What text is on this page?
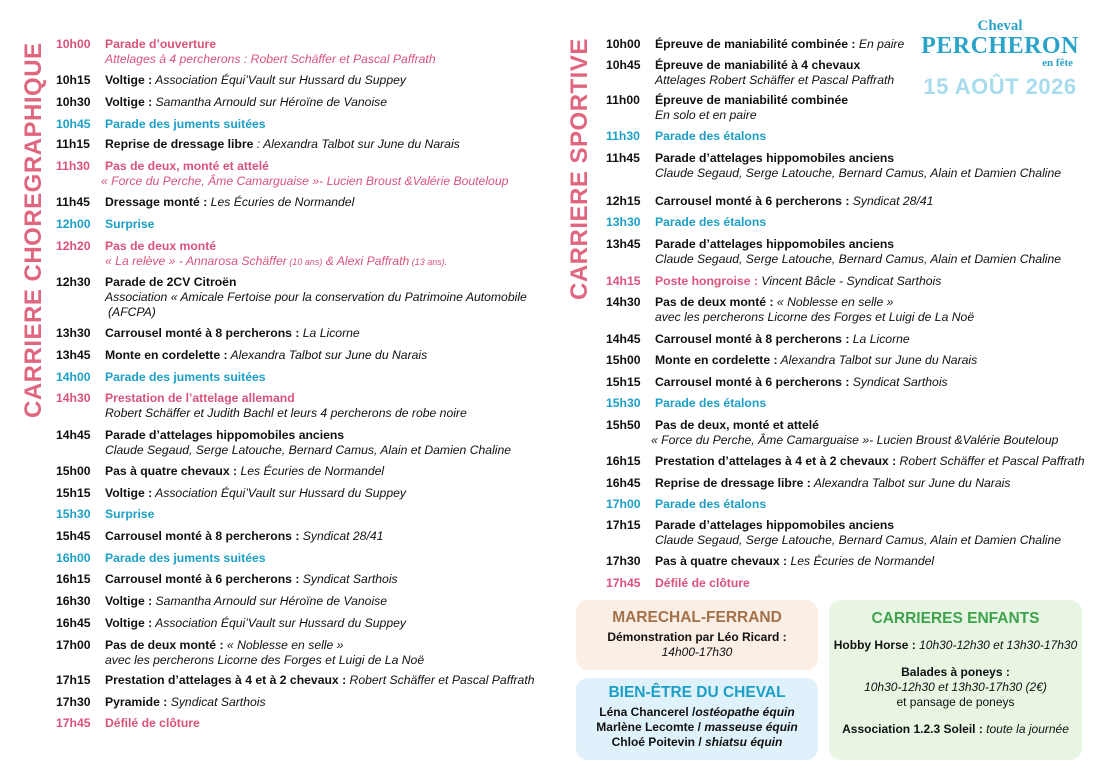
CARRIERE CHOREGRAPHIQUE	CARRIERE SPORTIVE
10h00 Parade d’ouverture
Attelages à 4 percherons : Robert Schäffer et Pascal Paffrath
10h15 Voltige : Association Équi’Vault sur Hussard du Suppey
10h30 Voltige : Samantha Arnould sur Héroïne de Vanoise
10h45 Parade des juments suitées
11h15 Reprise de dressage libre : Alexandra Talbot sur June du Narais
11h30 Pas de deux, monté et attelé
« Force du Perche, Âme Camarguaise »- Lucien Broust &Valérie Bouteloup
11h45 Dressage monté : Les Écuries de Normandel
12h00 Surprise
12h20 Pas de deux monté
« La relève » - Annarosa Schäffer (10 ans) & Alexi Paffrath (13 ans).
12h30 Parade de 2CV Citroën
Association « Amicale Fertoise pour la conservation du Patrimoine Automobile
(AFCPA)
13h30 Carrousel monté à 8 percherons : La Licorne
13h45 Monte en cordelette : Alexandra Talbot sur June du Narais
14h00 Parade des juments suitées
14h30 Prestation de l’attelage allemand
Robert Schäffer et Judith Bachl et leurs 4 percherons de robe noire
14h45 Parade d’attelages hippomobiles anciens
Claude Segaud, Serge Latouche, Bernard Camus, Alain et Damien Chaline
15h00 Pas à quatre chevaux : Les Écuries de Normandel
15h15 Voltige : Association Équi’Vault sur Hussard du Suppey
15h30 Surprise
15h45 Carrousel monté à 8 percherons : Syndicat 28/41
16h00 Parade des juments suitées
16h15 Carrousel monté à 6 percherons : Syndicat Sarthois
16h30 Voltige : Samantha Arnould sur Héroïne de Vanoise
16h45 Voltige : Association Équi’Vault sur Hussard du Suppey
17h00 Pas de deux monté : « Noblesse en selle »
avec les percherons Licorne des Forges et Luigi de La Noë
17h15 Prestation d’attelages à 4 et à 2 chevaux : Robert Schäffer et Pascal Paffrath
17h30 Pyramide : Syndicat Sarthois
17h45 Défilé de clôture
10h00 Épreuve de maniabilité combinée : En paire
10h45 Épreuve de maniabilité à 4 chevaux
Attelages Robert Schäffer et Pascal Paffrath
11h00 Épreuve de maniabilité combinée
En solo et en paire
11h30 Parade des étalons
11h45 Parade d’attelages hippomobiles anciens
Claude Segaud, Serge Latouche, Bernard Camus, Alain et Damien Chaline
12h15 Carrousel monté à 6 percherons : Syndicat 28/41
13h30 Parade des étalons
13h45 Parade d’attelages hippomobiles anciens
Claude Segaud, Serge Latouche, Bernard Camus, Alain et Damien Chaline
14h15 Poste hongroise : Vincent Bâcle - Syndicat Sarthois
14h30 Pas de deux monté : « Noblesse en selle »
avec les percherons Licorne des Forges et Luigi de La Noë
14h45 Carrousel monté à 8 percherons : La Licorne
15h00 Monte en cordelette : Alexandra Talbot sur June du Narais
15h15 Carrousel monté à 6 percherons : Syndicat Sarthois
15h30 Parade des étalons
15h50 Pas de deux, monté et attelé
« Force du Perche, Âme Camarguaise »- Lucien Broust &Valérie Bouteloup
16h15 Prestation d’attelages à 4 et à 2 chevaux : Robert Schäffer et Pascal Paffrath
16h45 Reprise de dressage libre : Alexandra Talbot sur June du Narais
17h00 Parade des étalons
17h15 Parade d’attelages hippomobiles anciens
Claude Segaud, Serge Latouche, Bernard Camus, Alain et Damien Chaline
17h30 Pas à quatre chevaux : Les Écuries de Normandel
17h45 Défilé de clôture
Cheval
PERCHERON
en fête
15 AOÛT 2026
MARECHAL-FERRAND
Démonstration par Léo Ricard :
14h00-17h30
BIEN-ÊTRE DU CHEVAL
Léna Chancerel /ostéopathe équin
Marlène Lecomte / masseuse équin
Chloé Poitevin / shiatsu équin
CARRIERES ENFANTS
Hobby Horse : 10h30-12h30 et 13h30-17h30
Balades à poneys :
10h30-12h30 et 13h30-17h30 (2€)
et pansage de poneys
Association 1.2.3 Soleil : toute la journée
